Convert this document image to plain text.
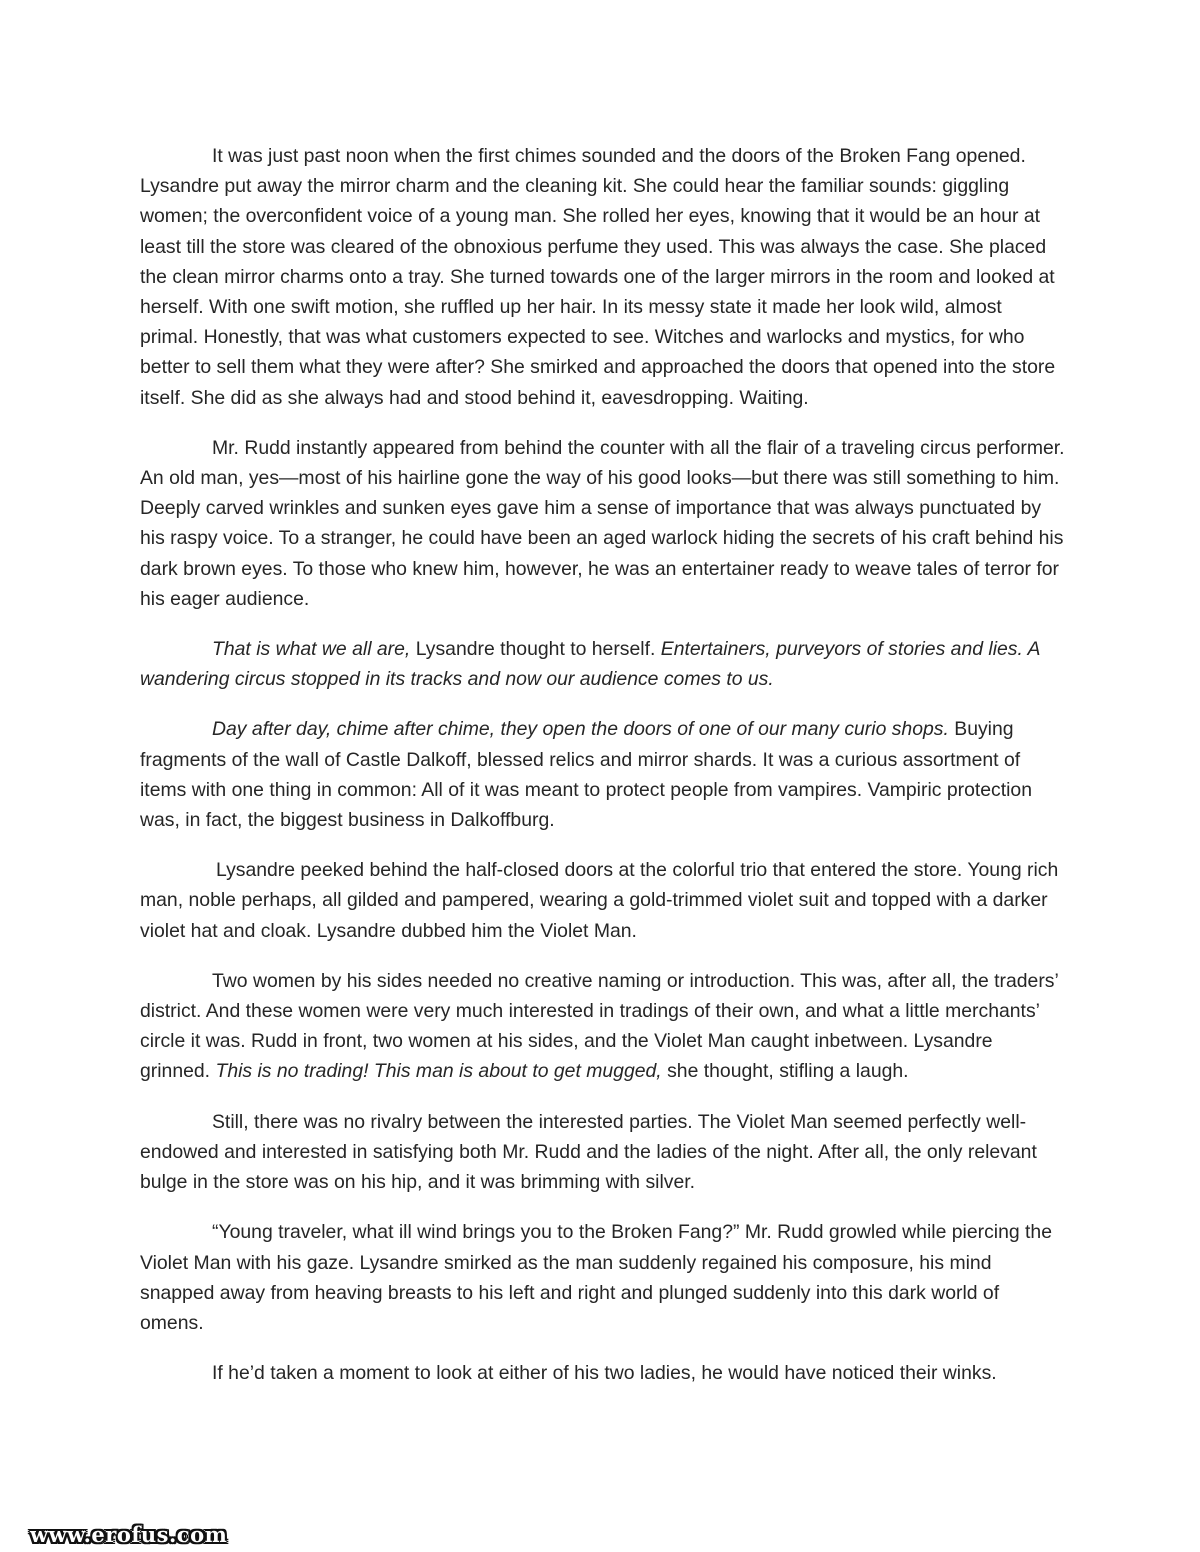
It was just past noon when the first chimes sounded and the doors of the Broken Fang opened. Lysandre put away the mirror charm and the cleaning kit. She could hear the familiar sounds: giggling women; the overconfident voice of a young man. She rolled her eyes, knowing that it would be an hour at least till the store was cleared of the obnoxious perfume they used. This was always the case. She placed the clean mirror charms onto a tray. She turned towards one of the larger mirrors in the room and looked at herself. With one swift motion, she ruffled up her hair. In its messy state it made her look wild, almost primal. Honestly, that was what customers expected to see. Witches and warlocks and mystics, for who better to sell them what they were after? She smirked and approached the doors that opened into the store itself. She did as she always had and stood behind it, eavesdropping. Waiting.

Mr. Rudd instantly appeared from behind the counter with all the flair of a traveling circus performer. An old man, yes—most of his hairline gone the way of his good looks—but there was still something to him. Deeply carved wrinkles and sunken eyes gave him a sense of importance that was always punctuated by his raspy voice. To a stranger, he could have been an aged warlock hiding the secrets of his craft behind his dark brown eyes. To those who knew him, however, he was an entertainer ready to weave tales of terror for his eager audience.

That is what we all are, Lysandre thought to herself. Entertainers, purveyors of stories and lies. A wandering circus stopped in its tracks and now our audience comes to us.

Day after day, chime after chime, they open the doors of one of our many curio shops. Buying fragments of the wall of Castle Dalkoff, blessed relics and mirror shards. It was a curious assortment of items with one thing in common: All of it was meant to protect people from vampires. Vampiric protection was, in fact, the biggest business in Dalkoffburg.

Lysandre peeked behind the half-closed doors at the colorful trio that entered the store. Young rich man, noble perhaps, all gilded and pampered, wearing a gold-trimmed violet suit and topped with a darker violet hat and cloak. Lysandre dubbed him the Violet Man.

Two women by his sides needed no creative naming or introduction. This was, after all, the traders’ district. And these women were very much interested in tradings of their own, and what a little merchants’ circle it was. Rudd in front, two women at his sides, and the Violet Man caught inbetween. Lysandre grinned. This is no trading! This man is about to get mugged, she thought, stifling a laugh.

Still, there was no rivalry between the interested parties. The Violet Man seemed perfectly well-endowed and interested in satisfying both Mr. Rudd and the ladies of the night. After all, the only relevant bulge in the store was on his hip, and it was brimming with silver.

“Young traveler, what ill wind brings you to the Broken Fang?” Mr. Rudd growled while piercing the Violet Man with his gaze. Lysandre smirked as the man suddenly regained his composure, his mind snapped away from heaving breasts to his left and right and plunged suddenly into this dark world of omens.

If he’d taken a moment to look at either of his two ladies, he would have noticed their winks.

www.erofus.com
